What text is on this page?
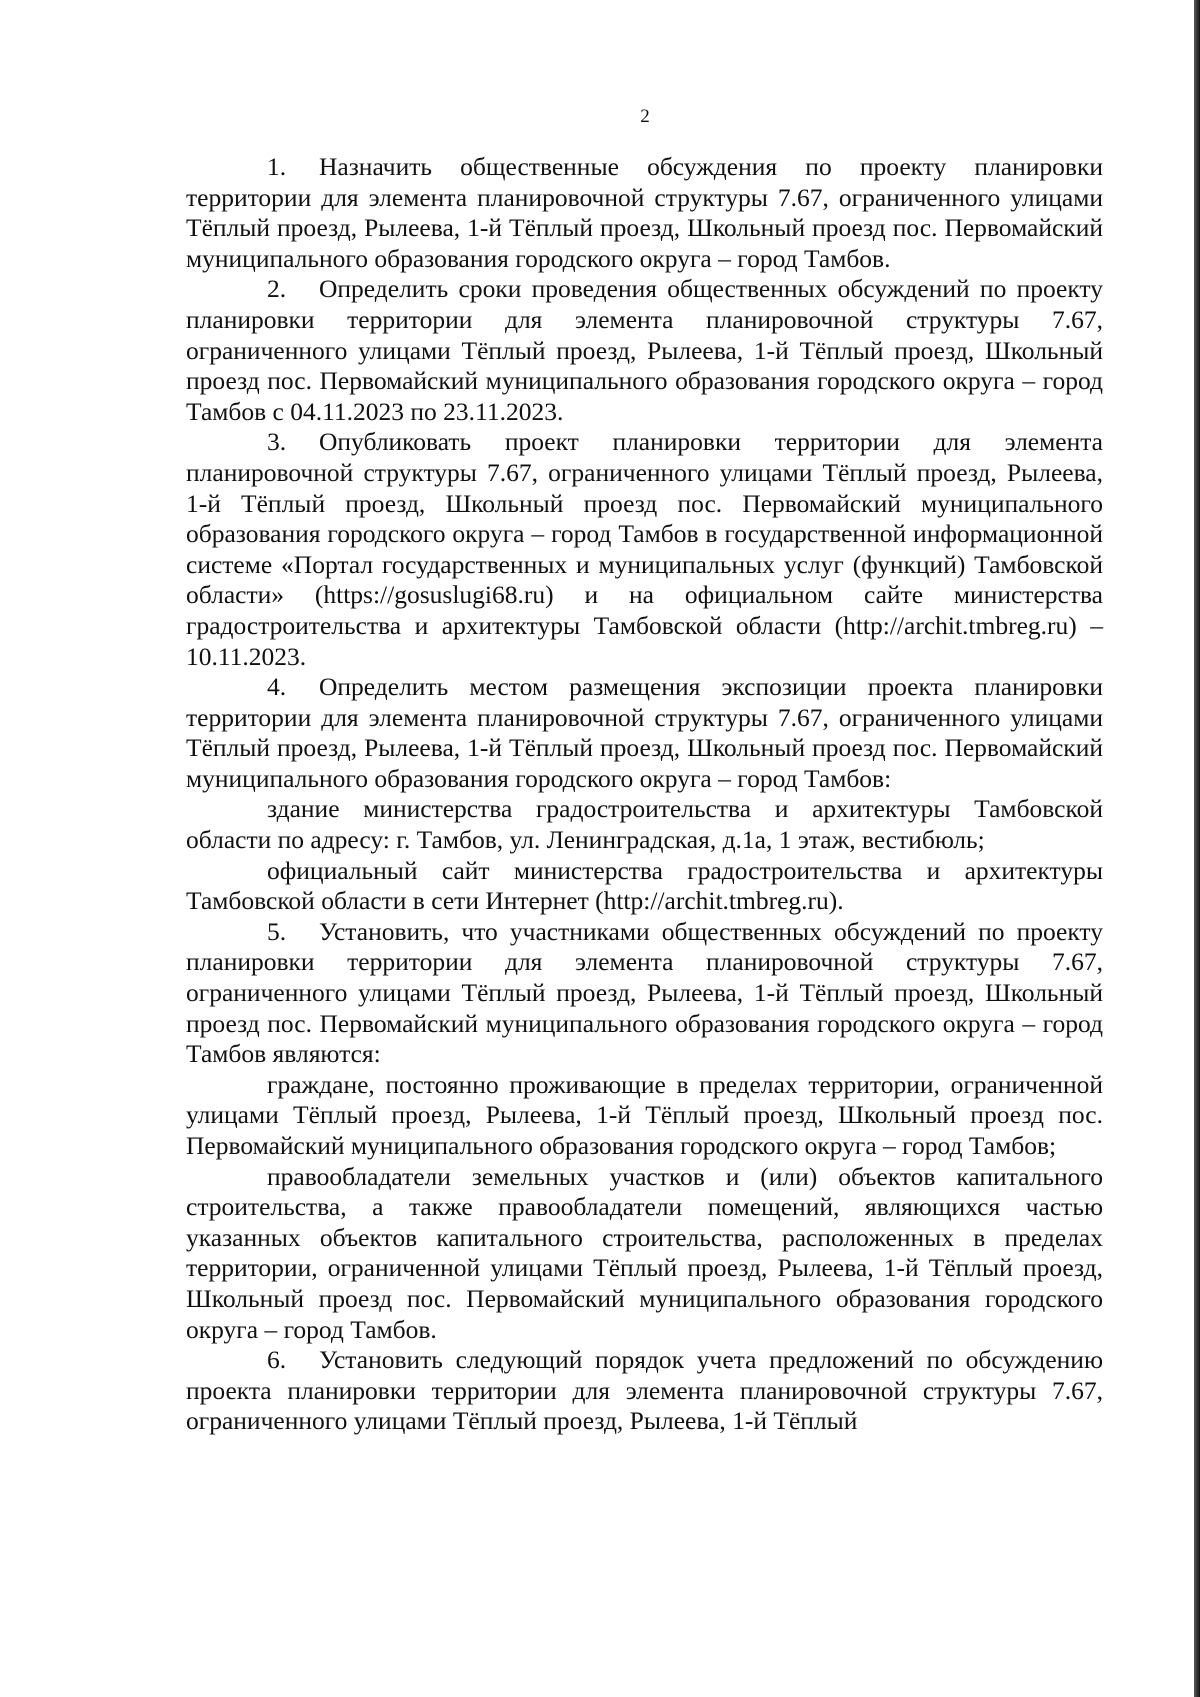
2

1. Назначить общественные обсуждения по проекту планировки территории для элемента планировочной структуры 7.67, ограниченного улицами Тёплый проезд, Рылеева, 1-й Тёплый проезд, Школьный проезд пос. Первомайский муниципального образования городского округа – город Тамбов.

2. Определить сроки проведения общественных обсуждений по проекту планировки территории для элемента планировочной структуры 7.67, ограниченного улицами Тёплый проезд, Рылеева, 1-й Тёплый проезд, Школьный проезд пос. Первомайский муниципального образования городского округа – город Тамбов с 04.11.2023 по 23.11.2023.

3. Опубликовать проект планировки территории для элемента планировочной структуры 7.67, ограниченного улицами Тёплый проезд, Рылеева, 1-й Тёплый проезд, Школьный проезд пос. Первомайский муниципального образования городского округа – город Тамбов в государственной информационной системе «Портал государственных и муниципальных услуг (функций) Тамбовской области» (https://gosuslugi68.ru) и на официальном сайте министерства градостроительства и архитектуры Тамбовской области (http://archit.tmbreg.ru) – 10.11.2023.

4. Определить местом размещения экспозиции проекта планировки территории для элемента планировочной структуры 7.67, ограниченного улицами Тёплый проезд, Рылеева, 1-й Тёплый проезд, Школьный проезд пос. Первомайский муниципального образования городского округа – город Тамбов:

здание министерства градостроительства и архитектуры Тамбовской области по адресу: г. Тамбов, ул. Ленинградская, д.1а, 1 этаж, вестибюль;

официальный сайт министерства градостроительства и архитектуры Тамбовской области в сети Интернет (http://archit.tmbreg.ru).

5. Установить, что участниками общественных обсуждений по проекту планировки территории для элемента планировочной структуры 7.67, ограниченного улицами Тёплый проезд, Рылеева, 1-й Тёплый проезд, Школьный проезд пос. Первомайский муниципального образования городского округа – город Тамбов являются:

граждане, постоянно проживающие в пределах территории, ограниченной улицами Тёплый проезд, Рылеева, 1-й Тёплый проезд, Школьный проезд пос. Первомайский муниципального образования городского округа – город Тамбов;

правообладатели земельных участков и (или) объектов капитального строительства, а также правообладатели помещений, являющихся частью указанных объектов капитального строительства, расположенных в пределах территории, ограниченной улицами Тёплый проезд, Рылеева, 1-й Тёплый проезд, Школьный проезд пос. Первомайский муниципального образования городского округа – город Тамбов.

6. Установить следующий порядок учета предложений по обсуждению проекта планировки территории для элемента планировочной структуры 7.67, ограниченного улицами Тёплый проезд, Рылеева, 1-й Тёплый
